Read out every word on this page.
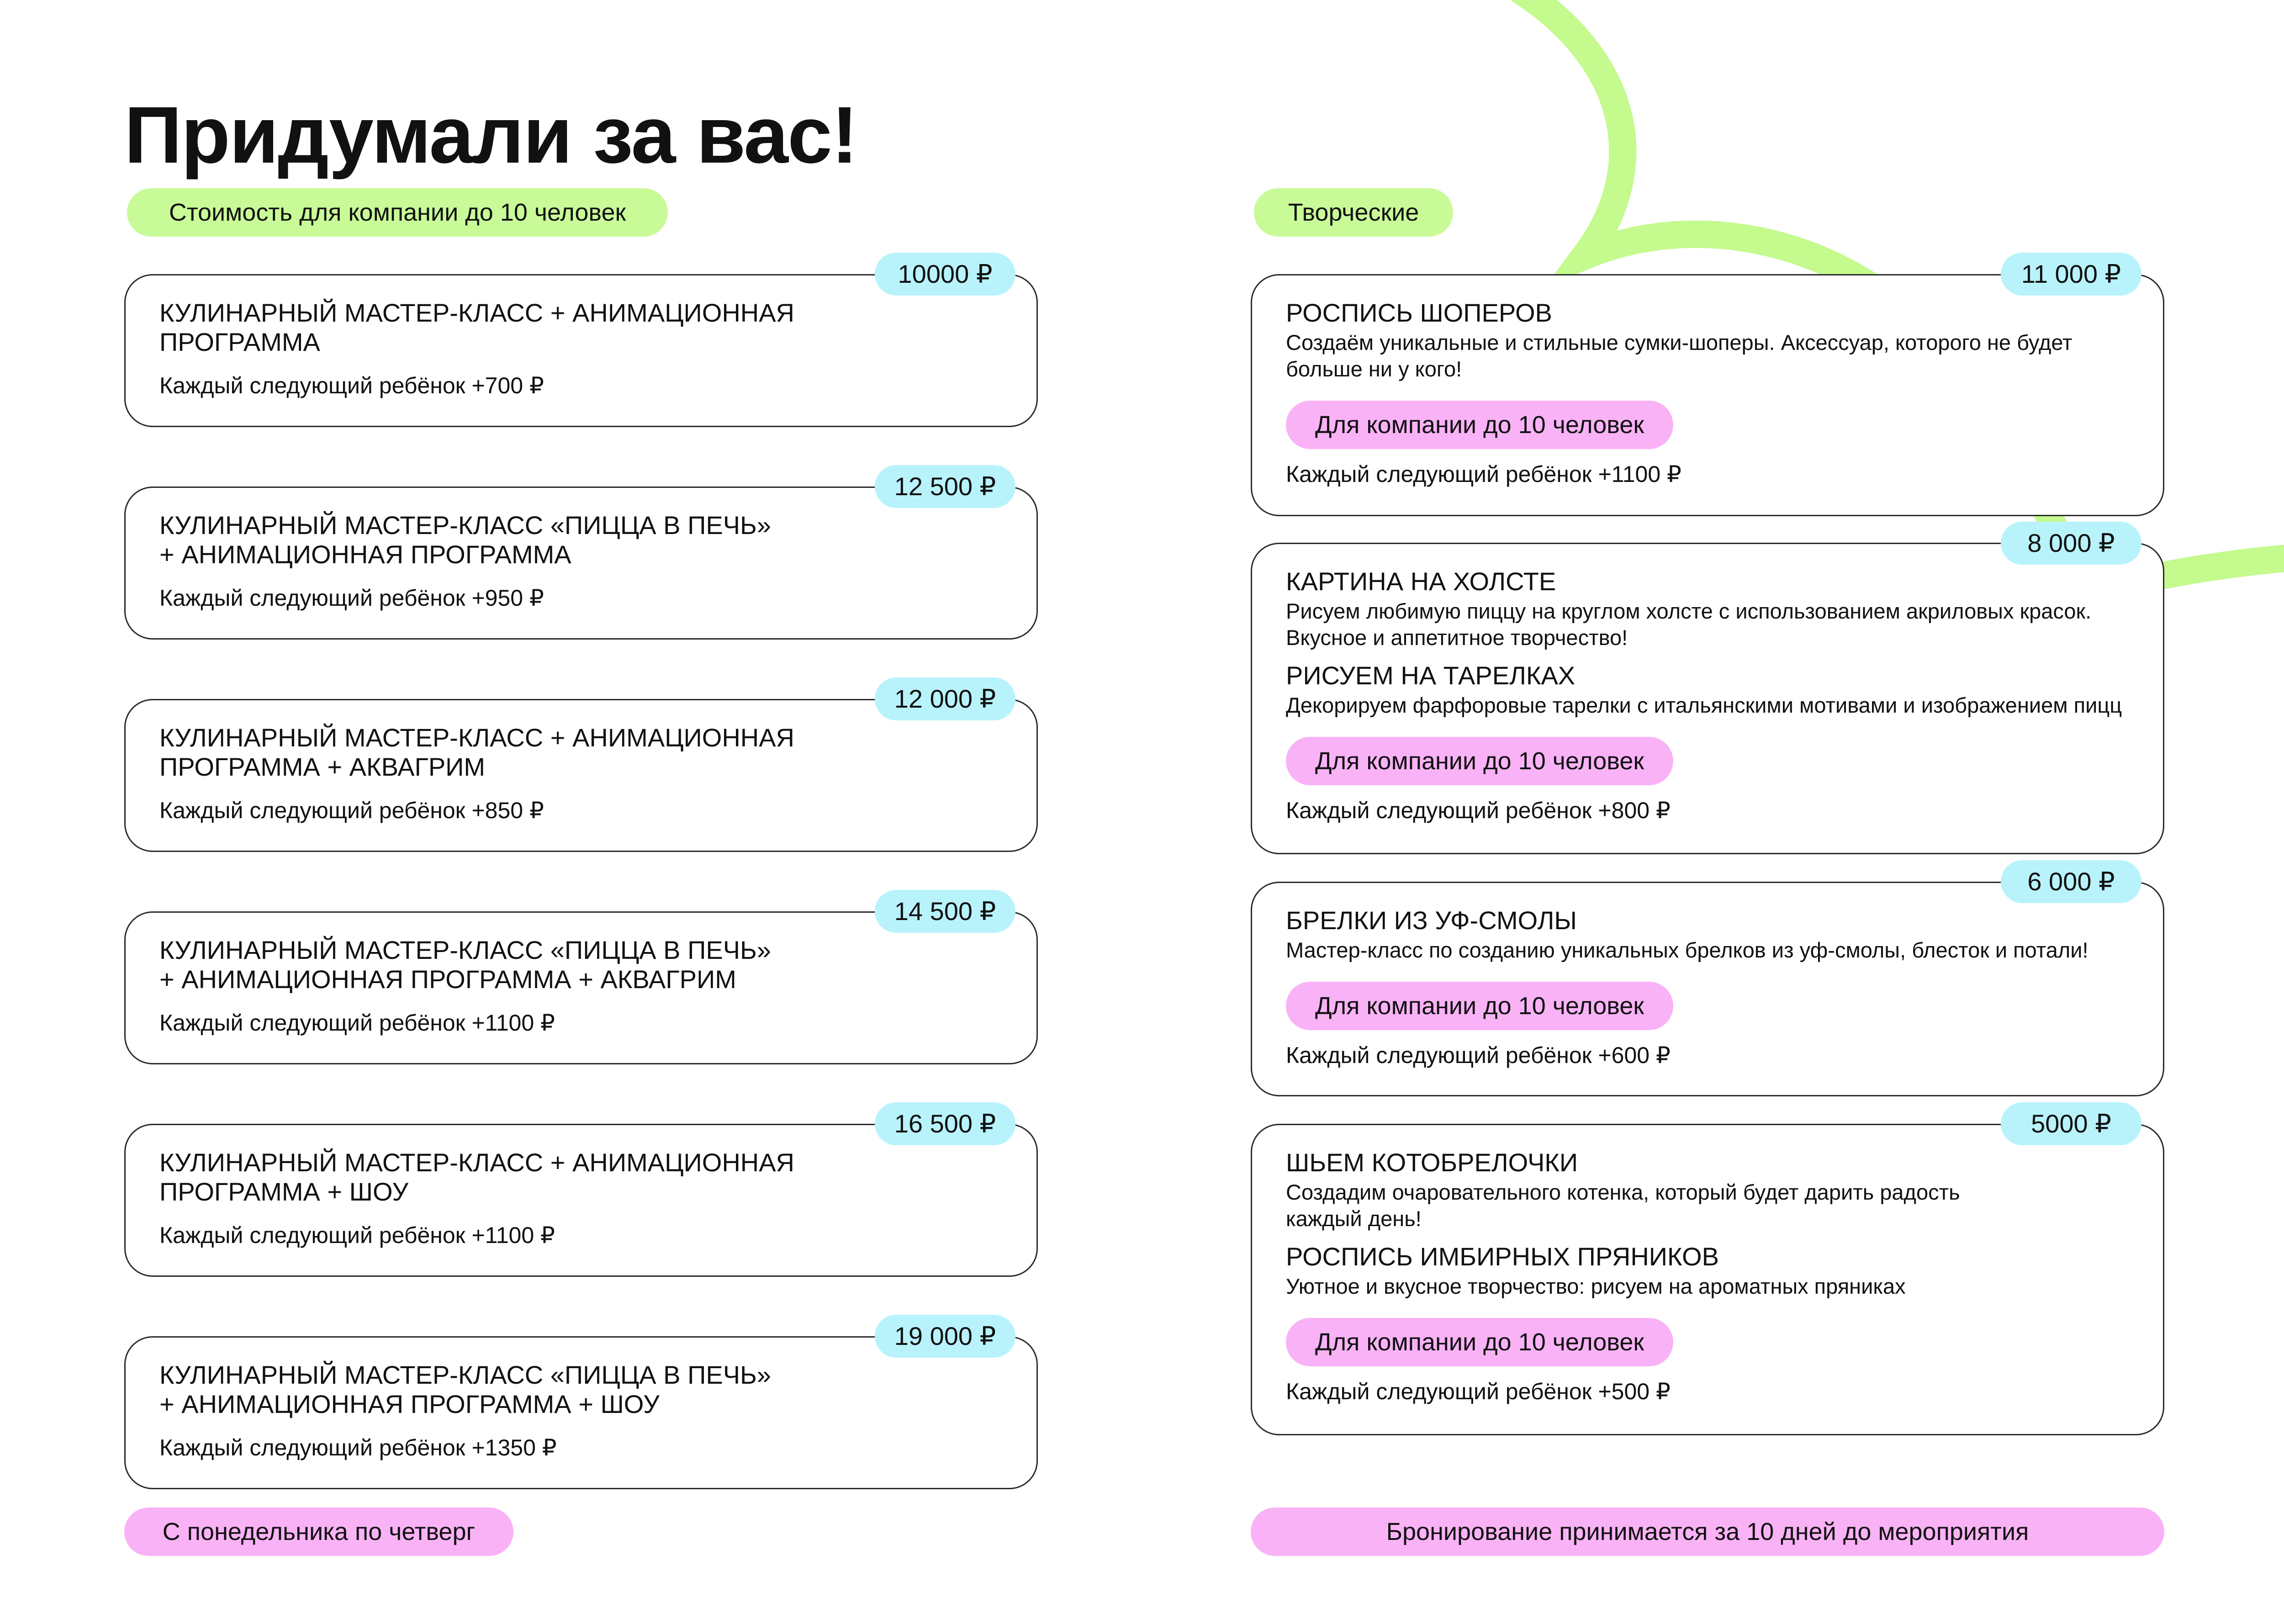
Придумали за вас!
Стоимость для компании до 10 человек	Творческие
КУЛИНАРНЫЙ МАСТЕР-КЛАСС + АНИМАЦИОННАЯ
ПРОГРАММА
Каждый следующий ребёнок +700 ₽
10000 ₽
КУЛИНАРНЫЙ МАСТЕР-КЛАСС «ПИЦЦА В ПЕЧЬ»
+ АНИМАЦИОННАЯ ПРОГРАММА
Каждый следующий ребёнок +950 ₽
12 500 ₽
КУЛИНАРНЫЙ МАСТЕР-КЛАСС + АНИМАЦИОННАЯ
ПРОГРАММА + АКВАГРИМ
Каждый следующий ребёнок +850 ₽
12 000 ₽
КУЛИНАРНЫЙ МАСТЕР-КЛАСС «ПИЦЦА В ПЕЧЬ»
+ АНИМАЦИОННАЯ ПРОГРАММА + АКВАГРИМ
Каждый следующий ребёнок +1100 ₽
14 500 ₽
КУЛИНАРНЫЙ МАСТЕР-КЛАСС + АНИМАЦИОННАЯ
ПРОГРАММА + ШОУ
Каждый следующий ребёнок +1100 ₽
16 500 ₽
КУЛИНАРНЫЙ МАСТЕР-КЛАСС «ПИЦЦА В ПЕЧЬ»
+ АНИМАЦИОННАЯ ПРОГРАММА + ШОУ
Каждый следующий ребёнок +1350 ₽
19 000 ₽
РОСПИСЬ ШОПЕРОВ
Создаём уникальные и стильные сумки-шоперы. Аксессуар, которого не будет
больше ни у кого!
Для компании до 10 человек
Каждый следующий ребёнок +1100 ₽
11 000 ₽
КАРТИНА НА ХОЛСТЕ
Рисуем любимую пиццу на круглом холсте с использованием акриловых красок.
Вкусное и аппетитное творчество!
РИСУЕМ НА ТАРЕЛКАХ
Декорируем фарфоровые тарелки с итальянскими мотивами и изображением пицц
Для компании до 10 человек
Каждый следующий ребёнок +800 ₽
8 000 ₽
БРЕЛКИ ИЗ УФ-СМОЛЫ
Мастер-класс по созданию уникальных брелков из уф-смолы, блесток и потали!
Для компании до 10 человек
Каждый следующий ребёнок +600 ₽
6 000 ₽
ШЬЕМ КОТОБРЕЛОЧКИ
Создадим очаровательного котенка, который будет дарить радость
каждый день!
РОСПИСЬ ИМБИРНЫХ ПРЯНИКОВ
Уютное и вкусное творчество: рисуем на ароматных пряниках
Для компании до 10 человек
Каждый следующий ребёнок +500 ₽
5000 ₽
С понедельника по четверг	Бронирование принимается за 10 дней до мероприятия
